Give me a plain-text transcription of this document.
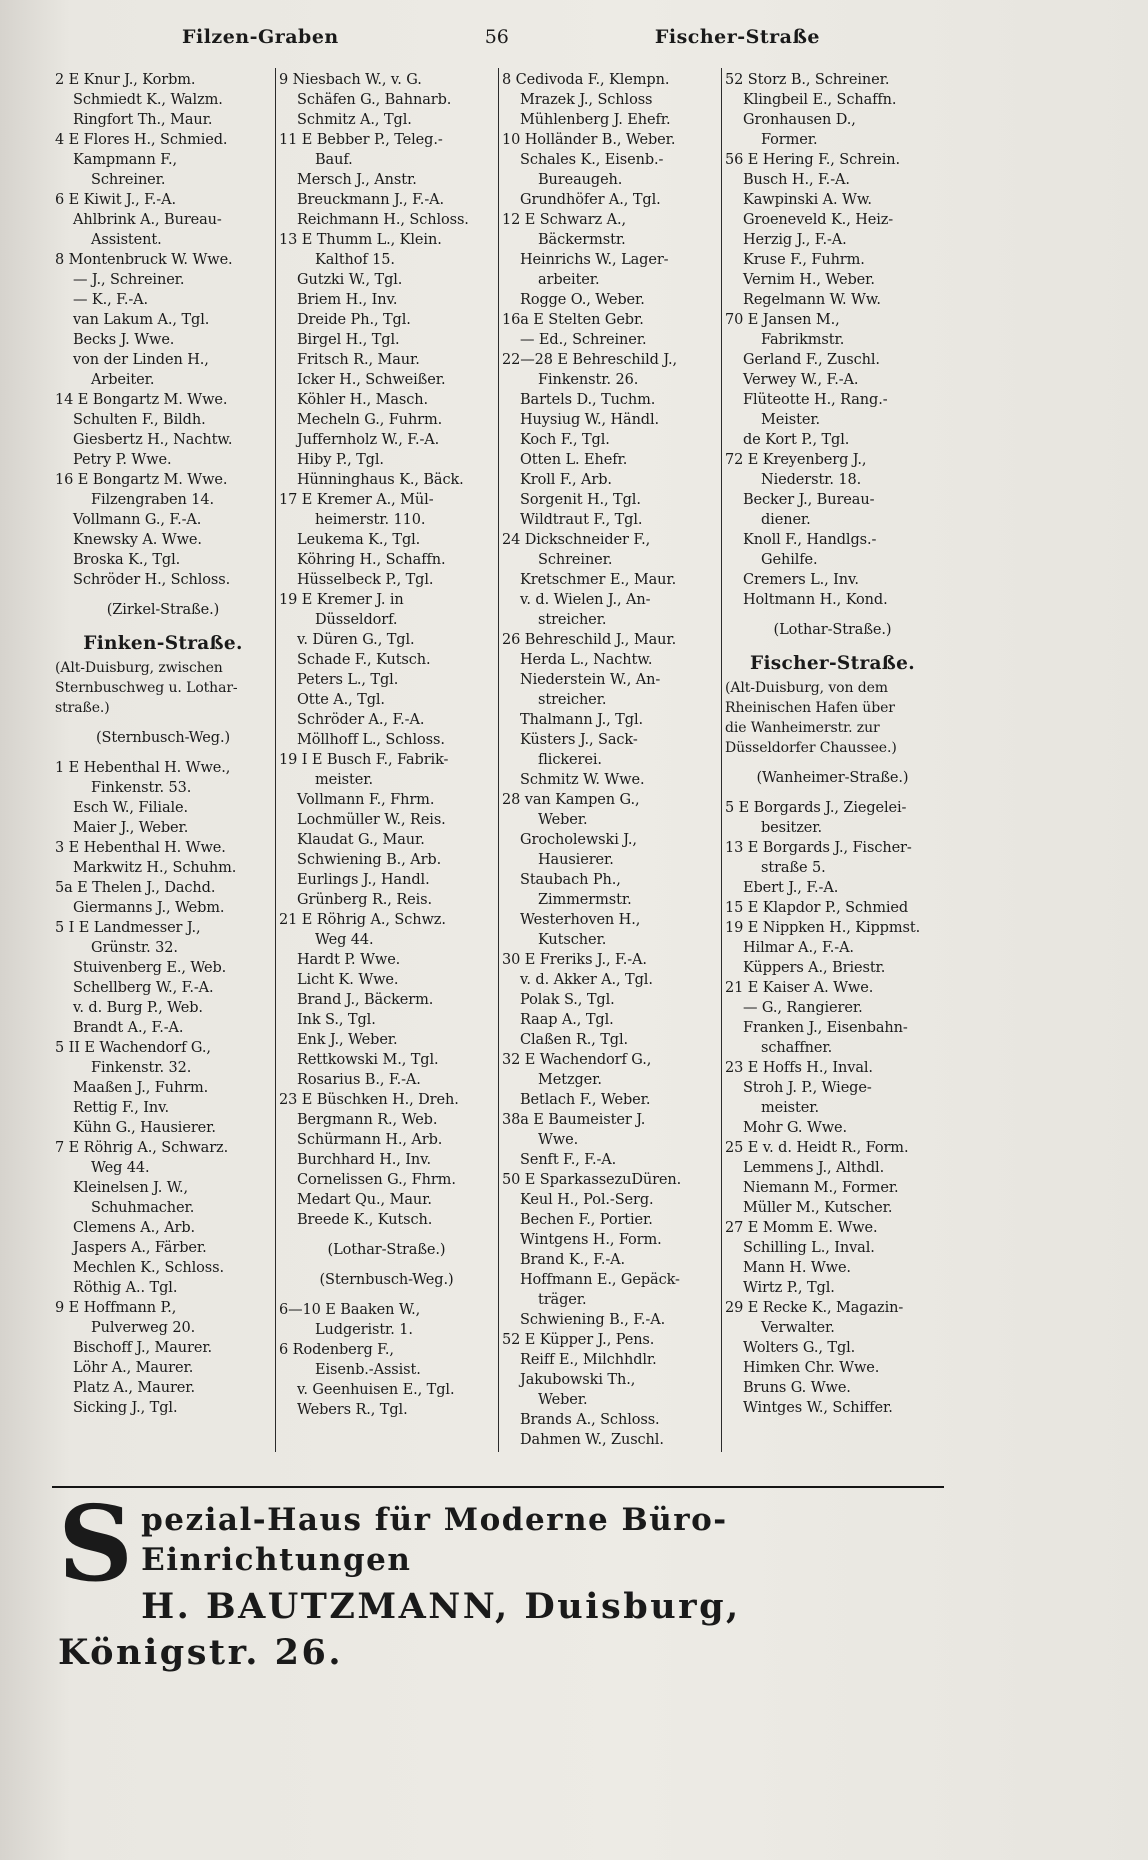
Filzen-Graben	56	Fischer-Straße
2 E Knur J., Korbm.
Schmiedt K., Walzm.
Ringfort Th., Maur.
4 E Flores H., Schmied.
Kampmann F.,
Schreiner.
6 E Kiwit J., F.-A.
Ahlbrink A., Bureau-
Assistent.
8 Montenbruck W. Wwe.
— J., Schreiner.
— K., F.-A.
van Lakum A., Tgl.
Becks J. Wwe.
von der Linden H.,
Arbeiter.
14 E Bongartz M. Wwe.
Schulten F., Bildh.
Giesbertz H., Nachtw.
Petry P. Wwe.
16 E Bongartz M. Wwe.
Filzengraben 14.
Vollmann G., F.-A.
Knewsky A. Wwe.
Broska K., Tgl.
Schröder H., Schloss.

(Zirkel-Straße.)

Finken-Straße.
(Alt-Duisburg, zwischen
Sternbuschweg u. Lothar-
straße.)

(Sternbusch-Weg.)

1 E Hebenthal H. Wwe.,
Finkenstr. 53.
Esch W., Filiale.
Maier J., Weber.
3 E Hebenthal H. Wwe.
Markwitz H., Schuhm.
5a E Thelen J., Dachd.
Giermanns J., Webm.
5 I E Landmesser J.,
Grünstr. 32.
Stuivenberg E., Web.
Schellberg W., F.-A.
v. d. Burg P., Web.
Brandt A., F.-A.
5 II E Wachendorf G.,
Finkenstr. 32.
Maaßen J., Fuhrm.
Rettig F., Inv.
Kühn G., Hausierer.
7 E Röhrig A., Schwarz.
Weg 44.
Kleinelsen J. W.,
Schuhmacher.
Clemens A., Arb.
Jaspers A., Färber.
Mechlen K., Schloss.
Röthig A.. Tgl.
9 E Hoffmann P.,
Pulverweg 20.
Bischoff J., Maurer.
Löhr A., Maurer.
Platz A., Maurer.
Sicking J., Tgl.
9 Niesbach W., v. G.
Schäfen G., Bahnarb.
Schmitz A., Tgl.
11 E Bebber P., Teleg.-
Bauf.
Mersch J., Anstr.
Breuckmann J., F.-A.
Reichmann H., Schloss.
13 E Thumm L., Klein.
Kalthof 15.
Gutzki W., Tgl.
Briem H., Inv.
Dreide Ph., Tgl.
Birgel H., Tgl.
Fritsch R., Maur.
Icker H., Schweißer.
Köhler H., Masch.
Mecheln G., Fuhrm.
Juffernholz W., F.-A.
Hiby P., Tgl.
Hünninghaus K., Bäck.
17 E Kremer A., Mül-
heimerstr. 110.
Leukema K., Tgl.
Köhring H., Schaffn.
Hüsselbeck P., Tgl.
19 E Kremer J. in
Düsseldorf.
v. Düren G., Tgl.
Schade F., Kutsch.
Peters L., Tgl.
Otte A., Tgl.
Schröder A., F.-A.
Möllhoff L., Schloss.
19 I E Busch F., Fabrik-
meister.
Vollmann F., Fhrm.
Lochmüller W., Reis.
Klaudat G., Maur.
Schwiening B., Arb.
Eurlings J., Handl.
Grünberg R., Reis.
21 E Röhrig A., Schwz.
Weg 44.
Hardt P. Wwe.
Licht K. Wwe.
Brand J., Bäckerm.
Ink S., Tgl.
Enk J., Weber.
Rettkowski M., Tgl.
Rosarius B., F.-A.
23 E Büschken H., Dreh.
Bergmann R., Web.
Schürmann H., Arb.
Burchhard H., Inv.
Cornelissen G., Fhrm.
Medart Qu., Maur.
Breede K., Kutsch.

(Lothar-Straße.)

(Sternbusch-Weg.)

6—10 E Baaken W.,
Ludgeristr. 1.
6 Rodenberg F.,
Eisenb.-Assist.
v. Geenhuisen E., Tgl.
Webers R., Tgl.
8 Cedivoda F., Klempn.
Mrazek J., Schloss
Mühlenberg J. Ehefr.
10 Holländer B., Weber.
Schales K., Eisenb.-
Bureaugeh.
Grundhöfer A., Tgl.
12 E Schwarz A.,
Bäckermstr.
Heinrichs W., Lager-
arbeiter.
Rogge O., Weber.
16a E Stelten Gebr.
— Ed., Schreiner.
22—28 E Behreschild J.,
Finkenstr. 26.
Bartels D., Tuchm.
Huysiug W., Händl.
Koch F., Tgl.
Otten L. Ehefr.
Kroll F., Arb.
Sorgenit H., Tgl.
Wildtraut F., Tgl.
24 Dickschneider F.,
Schreiner.
Kretschmer E., Maur.
v. d. Wielen J., An-
streicher.
26 Behreschild J., Maur.
Herda L., Nachtw.
Niederstein W., An-
streicher.
Thalmann J., Tgl.
Küsters J., Sack-
flickerei.
Schmitz W. Wwe.
28 van Kampen G.,
Weber.
Grocholewski J.,
Hausierer.
Staubach Ph.,
Zimmermstr.
Westerhoven H.,
Kutscher.
30 E Freriks J., F.-A.
v. d. Akker A., Tgl.
Polak S., Tgl.
Raap A., Tgl.
Claßen R., Tgl.
32 E Wachendorf G.,
Metzger.
Betlach F., Weber.
38a E Baumeister J.
Wwe.
Senft F., F.-A.
50 E SparkassezuDüren.
Keul H., Pol.-Serg.
Bechen F., Portier.
Wintgens H., Form.
Brand K., F.-A.
Hoffmann E., Gepäck-
träger.
Schwiening B., F.-A.
52 E Küpper J., Pens.
Reiff E., Milchhdlr.
Jakubowski Th.,
Weber.
Brands A., Schloss.
Dahmen W., Zuschl.
52 Storz B., Schreiner.
Klingbeil E., Schaffn.
Gronhausen D.,
Former.
56 E Hering F., Schrein.
Busch H., F.-A.
Kawpinski A. Ww.
Groeneveld K., Heiz-
Herzig J., F.-A.
Kruse F., Fuhrm.
Vernim H., Weber.
Regelmann W. Ww.
70 E Jansen M.,
Fabrikmstr.
Gerland F., Zuschl.
Verwey W., F.-A.
Flüteotte H., Rang.-
Meister.
de Kort P., Tgl.
72 E Kreyenberg J.,
Niederstr. 18.
Becker J., Bureau-
diener.
Knoll F., Handlgs.-
Gehilfe.
Cremers L., Inv.
Holtmann H., Kond.

(Lothar-Straße.)

Fischer-Straße.
(Alt-Duisburg, von dem
Rheinischen Hafen über
die Wanheimerstr. zur
Düsseldorfer Chaussee.)

(Wanheimer-Straße.)

5 E Borgards J., Ziegelei-
besitzer.
13 E Borgards J., Fischer-
straße 5.
Ebert J., F.-A.
15 E Klapdor P., Schmied
19 E Nippken H., Kippmst.
Hilmar A., F.-A.
Küppers A., Briestr.
21 E Kaiser A. Wwe.
— G., Rangierer.
Franken J., Eisenbahn-
schaffner.
23 E Hoffs H., Inval.
Stroh J. P., Wiege-
meister.
Mohr G. Wwe.
25 E v. d. Heidt R., Form.
Lemmens J., Althdl.
Niemann M., Former.
Müller M., Kutscher.
27 E Momm E. Wwe.
Schilling L., Inval.
Mann H. Wwe.
Wirtz P., Tgl.
29 E Recke K., Magazin-
Verwalter.
Wolters G., Tgl.
Himken Chr. Wwe.
Bruns G. Wwe.
Wintges W., Schiffer.
S pezial-Haus für Moderne Büro-Einrichtungen
H. BAUTZMANN, Duisburg, Königstr. 26.
